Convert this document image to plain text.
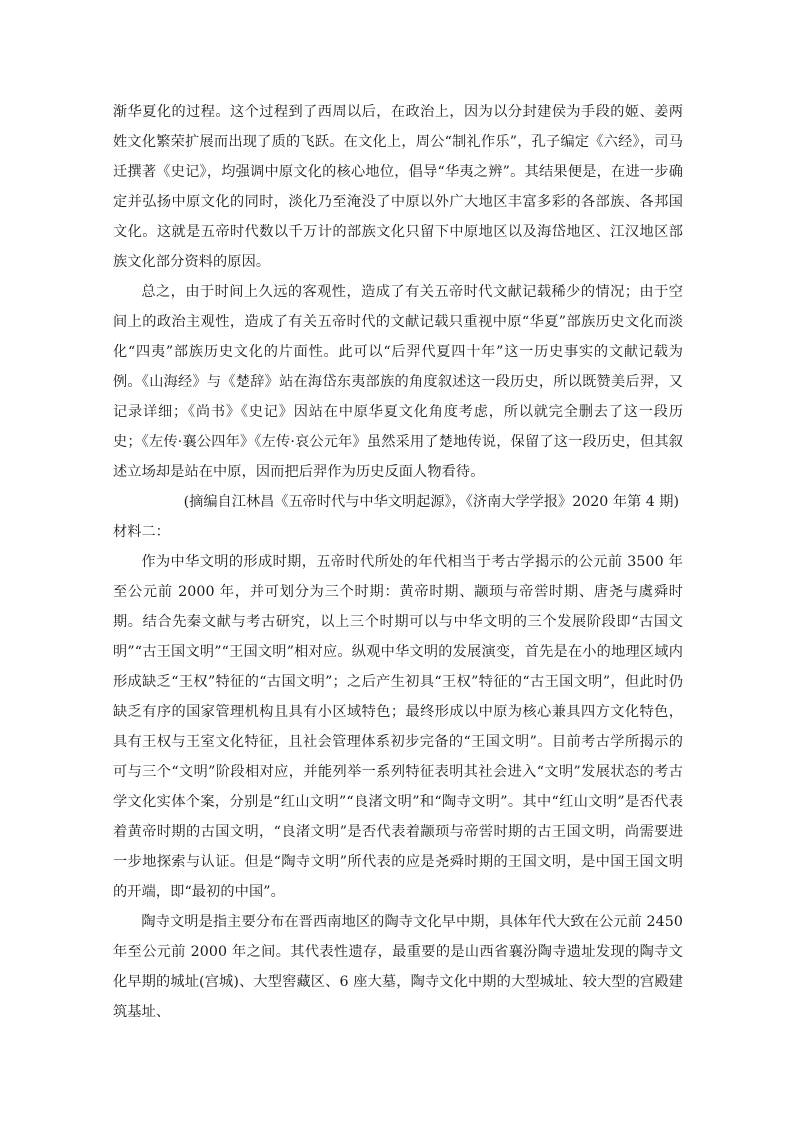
渐华夏化的过程。这个过程到了西周以后，在政治上，因为以分封建侯为手段的姬、姜两姓文化繁荣扩展而出现了质的飞跃。在文化上，周公“制礼作乐”，孔子编定《六经》，司马迁撰著《史记》，均强调中原文化的核心地位，倡导“华夷之辨”。其结果便是，在进一步确定并弘扬中原文化的同时，淡化乃至淹没了中原以外广大地区丰富多彩的各部族、各邦国文化。这就是五帝时代数以千万计的部族文化只留下中原地区以及海岱地区、江汉地区部族文化部分资料的原因。

总之，由于时间上久远的客观性，造成了有关五帝时代文献记载稀少的情况；由于空间上的政治主观性，造成了有关五帝时代的文献记载只重视中原“华夏”部族历史文化而淡化“四夷”部族历史文化的片面性。此可以“后羿代夏四十年”这一历史事实的文献记载为例。《山海经》与《楚辞》站在海岱东夷部族的角度叙述这一段历史，所以既赞美后羿，又记录详细；《尚书》《史记》因站在中原华夏文化角度考虑，所以就完全删去了这一段历史；《左传·襄公四年》《左传·哀公元年》虽然采用了楚地传说，保留了这一段历史，但其叙述立场却是站在中原，因而把后羿作为历史反面人物看待。

(摘编自江林昌《五帝时代与中华文明起源》，《济南大学学报》2020 年第 4 期)

材料二：

作为中华文明的形成时期，五帝时代所处的年代相当于考古学揭示的公元前 3500 年至公元前 2000 年，并可划分为三个时期：黄帝时期、颛顼与帝喾时期、唐尧与虞舜时期。结合先秦文献与考古研究，以上三个时期可以与中华文明的三个发展阶段即“古国文明”“古王国文明”“王国文明”相对应。纵观中华文明的发展演变，首先是在小的地理区域内形成缺乏“王权”特征的“古国文明”；之后产生初具“王权”特征的“古王国文明”，但此时仍缺乏有序的国家管理机构且具有小区域特色；最终形成以中原为核心兼具四方文化特色，具有王权与王室文化特征，且社会管理体系初步完备的“王国文明”。目前考古学所揭示的可与三个“文明”阶段相对应，并能列举一系列特征表明其社会进入“文明”发展状态的考古学文化实体个案，分别是“红山文明”“良渚文明”和“陶寺文明”。其中“红山文明”是否代表着黄帝时期的古国文明，“良渚文明”是否代表着颛顼与帝喾时期的古王国文明，尚需要进一步地探索与认证。但是“陶寺文明”所代表的应是尧舜时期的王国文明，是中国王国文明的开端，即“最初的中国”。

陶寺文明是指主要分布在晋西南地区的陶寺文化早中期，具体年代大致在公元前 2450 年至公元前 2000 年之间。其代表性遗存，最重要的是山西省襄汾陶寺遗址发现的陶寺文化早期的城址(宫城)、大型窖藏区、6 座大墓，陶寺文化中期的大型城址、较大型的宫殿建筑基址、
